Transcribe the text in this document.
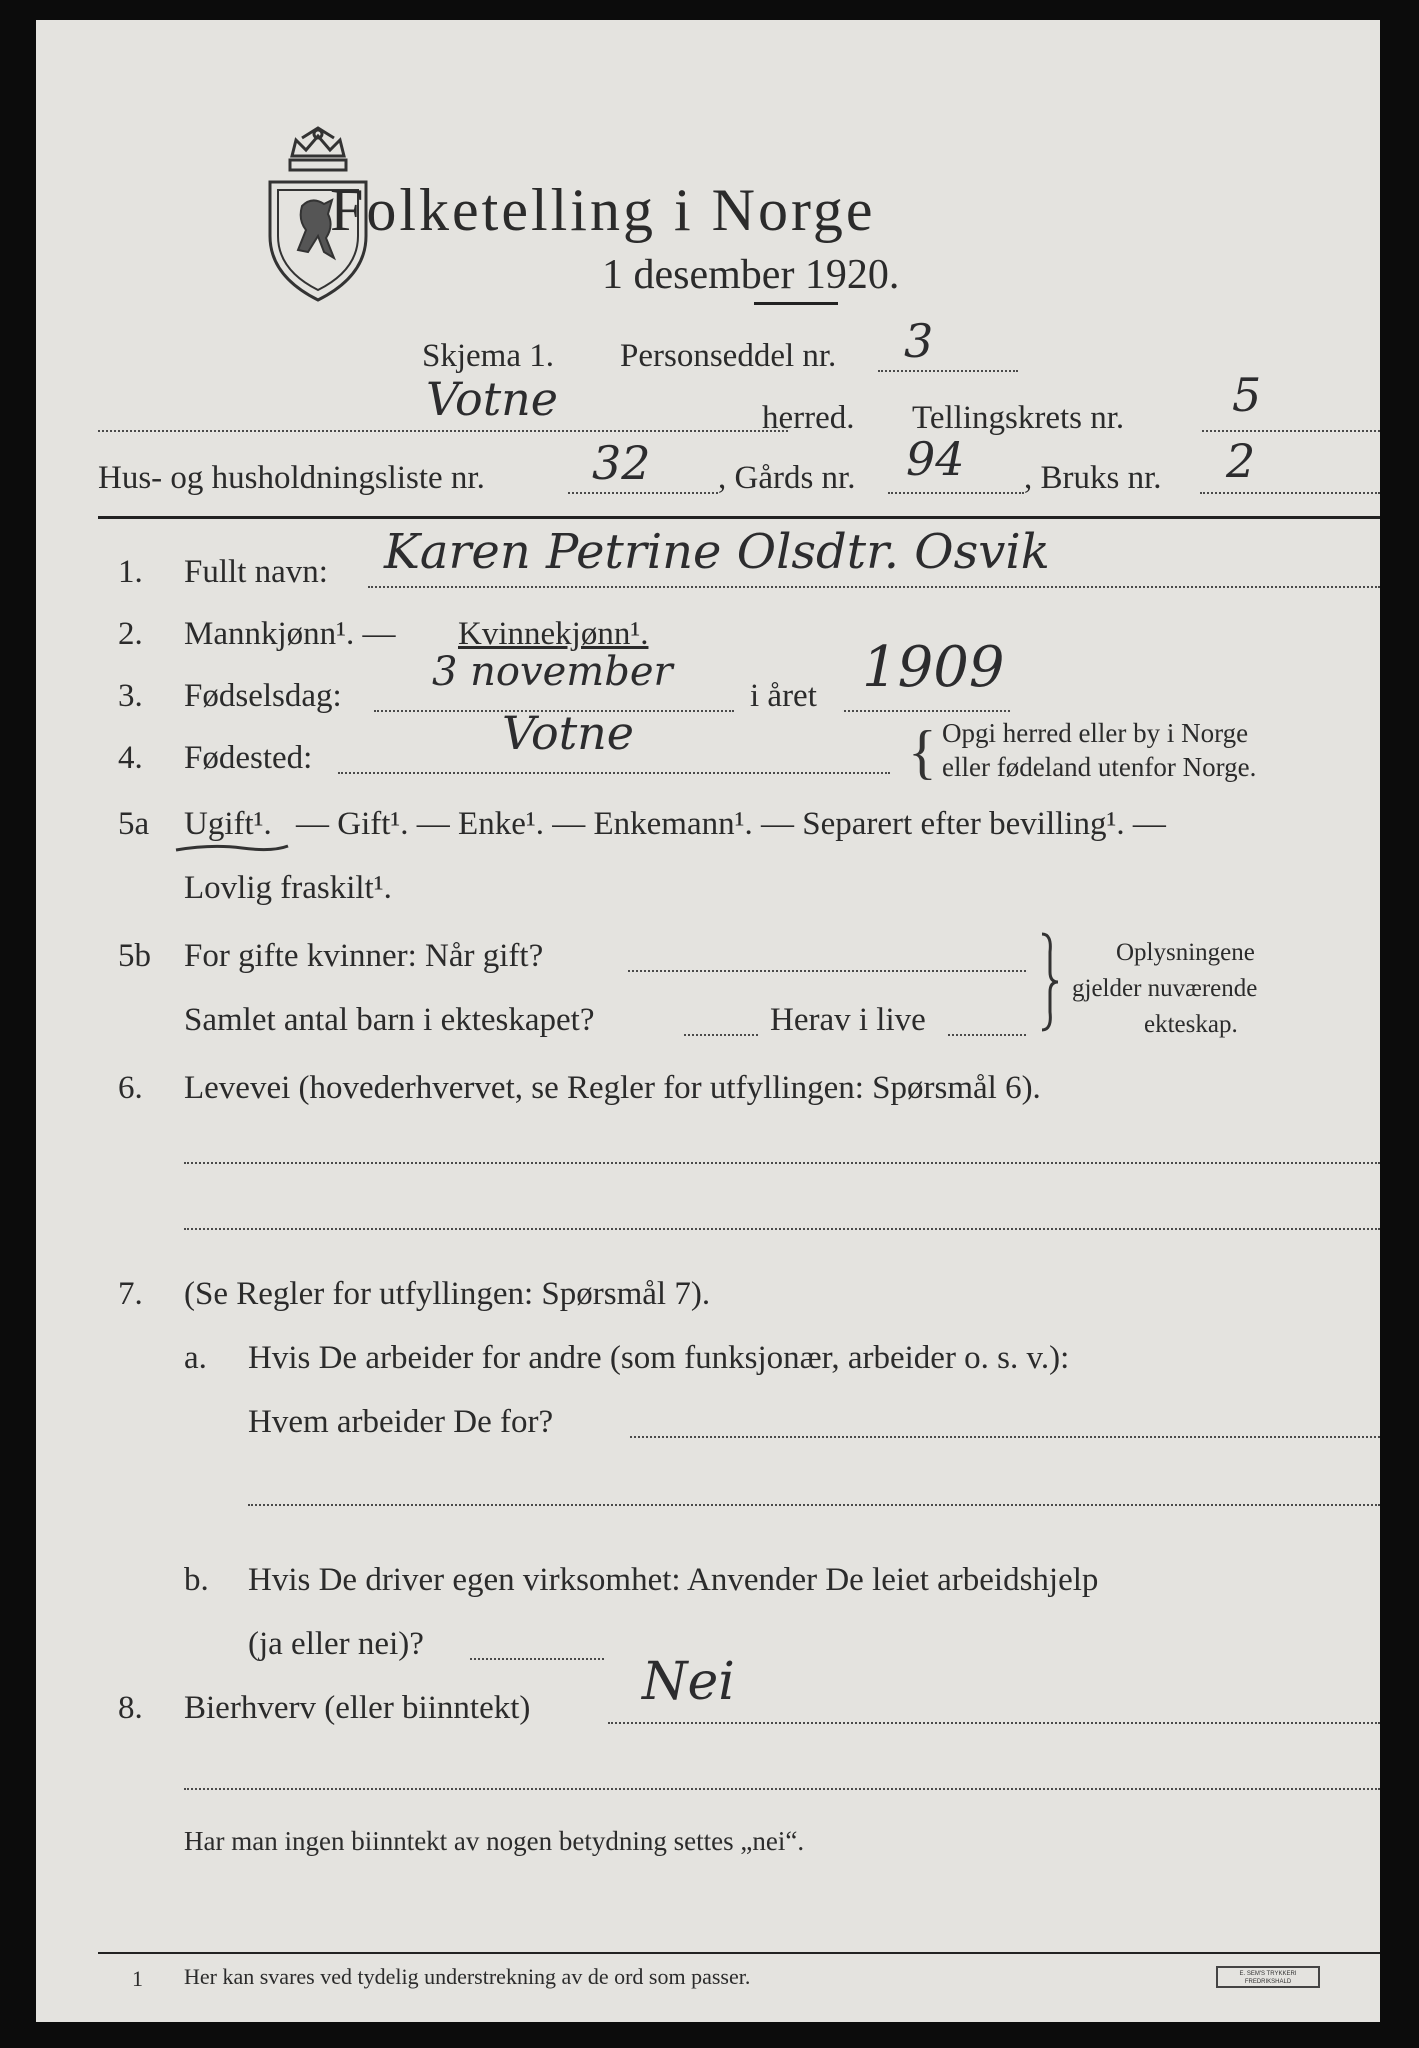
Folketelling i Norge
1 desember 1920.
Skjema 1. Personseddel nr. 3
Votne	herred. Tellingskrets nr. 5
Hus- og husholdningsliste nr. 32 , Gårds nr. 94 , Bruks nr. 2
1. Fullt navn: Karen Petrine Olsdtr. Osvik
2. Mannkjønn¹. — Kvinnekjønn¹.
3. Fødselsdag:
3 november
i året 1909
4. Fødested:	Votne	{ Opgi herred eller by i Norge
eller fødeland utenfor Norge.
5a Ugift¹. — Gift¹. — Enke¹. — Enkemann¹. — Separert efter bevilling¹. —
Lovlig fraskilt¹.
5b For gifte kvinner: Når gift?
Samlet antal barn i ekteskapet?	Herav i live
Oplysningene
gjelder nuværende
ekteskap.
6. Levevei (hovederhvervet, se Regler for utfyllingen: Spørsmål 6).
7. (Se Regler for utfyllingen: Spørsmål 7).
a. Hvis De arbeider for andre (som funksjonær, arbeider o. s. v.):
Hvem arbeider De for?
b. Hvis De driver egen virksomhet: Anvender De leiet arbeidshjelp
(ja eller nei)?
8. Bierhverv (eller biinntekt) Nei
Har man ingen biinntekt av nogen betydning settes „nei“.
1 Her kan svares ved tydelig understrekning av de ord som passer.	E. SEM'S TRYKKERI FREDRIKSHALD
